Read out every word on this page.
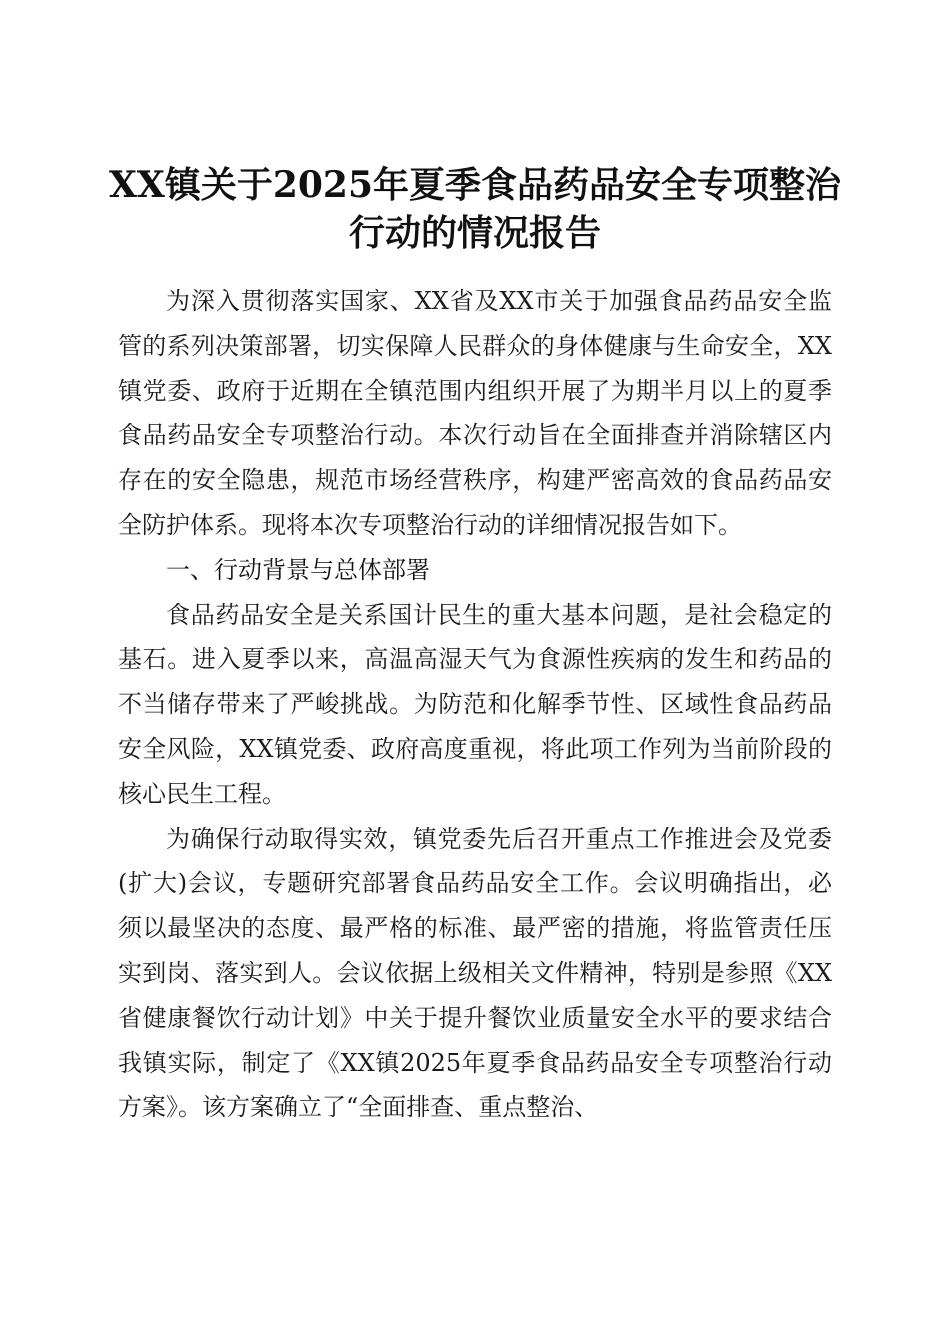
XX镇关于2025年夏季食品药品安全专项整治
行动的情况报告

为深入贯彻落实国家、XX省及XX市关于加强食品药品安全监管的系列决策部署，切实保障人民群众的身体健康与生命安全，XX镇党委、政府于近期在全镇范围内组织开展了为期半月以上的夏季食品药品安全专项整治行动。本次行动旨在全面排查并消除辖区内存在的安全隐患，规范市场经营秩序，构建严密高效的食品药品安全防护体系。现将本次专项整治行动的详细情况报告如下。

一、行动背景与总体部署

食品药品安全是关系国计民生的重大基本问题，是社会稳定的基石。进入夏季以来，高温高湿天气为食源性疾病的发生和药品的不当储存带来了严峻挑战。为防范和化解季节性、区域性食品药品安全风险，XX镇党委、政府高度重视，将此项工作列为当前阶段的核心民生工程。

为确保行动取得实效，镇党委先后召开重点工作推进会及党委(扩大)会议，专题研究部署食品药品安全工作。会议明确指出，必须以最坚决的态度、最严格的标准、最严密的措施，将监管责任压实到岗、落实到人。会议依据上级相关文件精神，特别是参照《XX省健康餐饮行动计划》中关于提升餐饮业质量安全水平的要求结合我镇实际，制定了《XX镇2025年夏季食品药品安全专项整治行动方案》。该方案确立了“全面排查、重点整治、
